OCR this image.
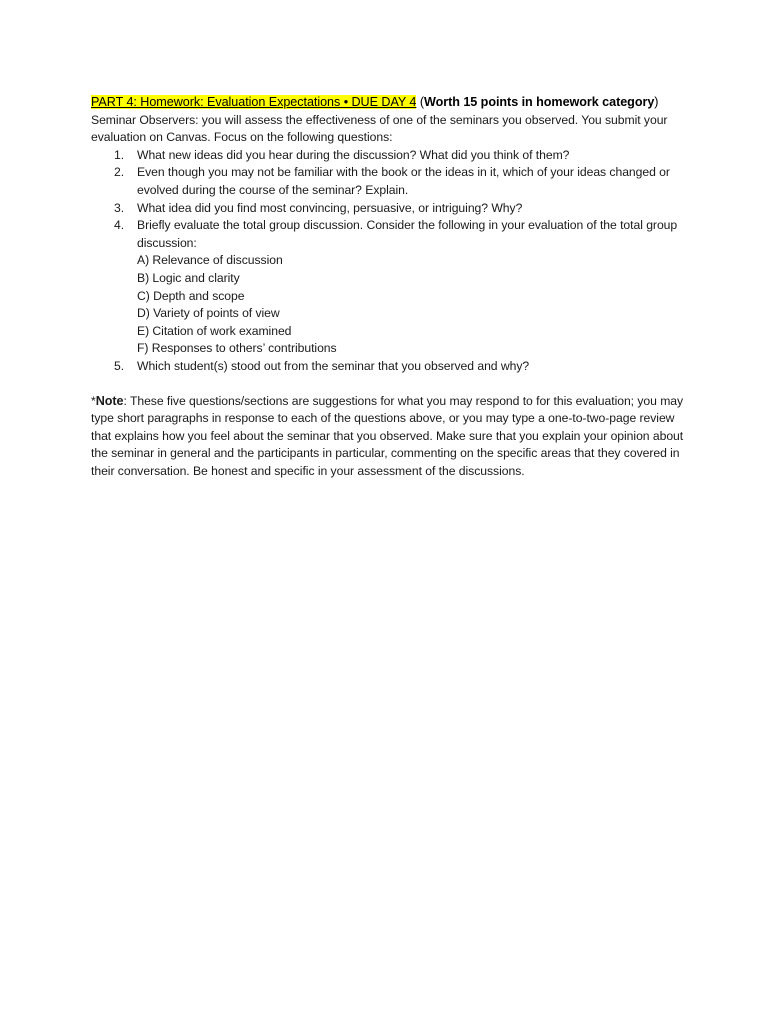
PART 4: Homework: Evaluation Expectations • DUE DAY 4 (Worth 15 points in homework category)

Seminar Observers: you will assess the effectiveness of one of the seminars you observed. You submit your evaluation on Canvas. Focus on the following questions:

1. What new ideas did you hear during the discussion? What did you think of them?
2. Even though you may not be familiar with the book or the ideas in it, which of your ideas changed or evolved during the course of the seminar? Explain.
3. What idea did you find most convincing, persuasive, or intriguing? Why?
4. Briefly evaluate the total group discussion. Consider the following in your evaluation of the total group discussion:
A) Relevance of discussion
B) Logic and clarity
C) Depth and scope
D) Variety of points of view
E) Citation of work examined
F) Responses to others’ contributions
5. Which student(s) stood out from the seminar that you observed and why?

*Note: These five questions/sections are suggestions for what you may respond to for this evaluation; you may type short paragraphs in response to each of the questions above, or you may type a one-to-two-page review that explains how you feel about the seminar that you observed. Make sure that you explain your opinion about the seminar in general and the participants in particular, commenting on the specific areas that they covered in their conversation. Be honest and specific in your assessment of the discussions.
